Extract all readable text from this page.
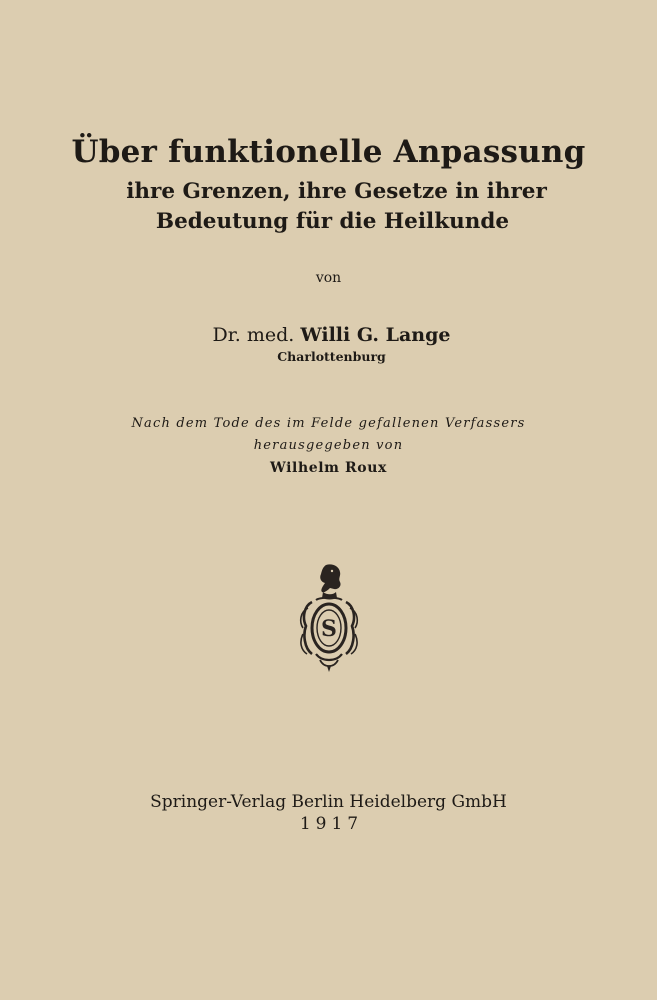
Über funktionelle Anpassung
ihre Grenzen, ihre Gesetze in ihrer
Bedeutung für die Heilkunde
von
Dr. med. Willi G. Lange
Charlottenburg
Nach dem Tode des im Felde gefallenen Verfassers
herausgegeben von
Wilhelm Roux
S
Springer-Verlag Berlin Heidelberg GmbH
1917
